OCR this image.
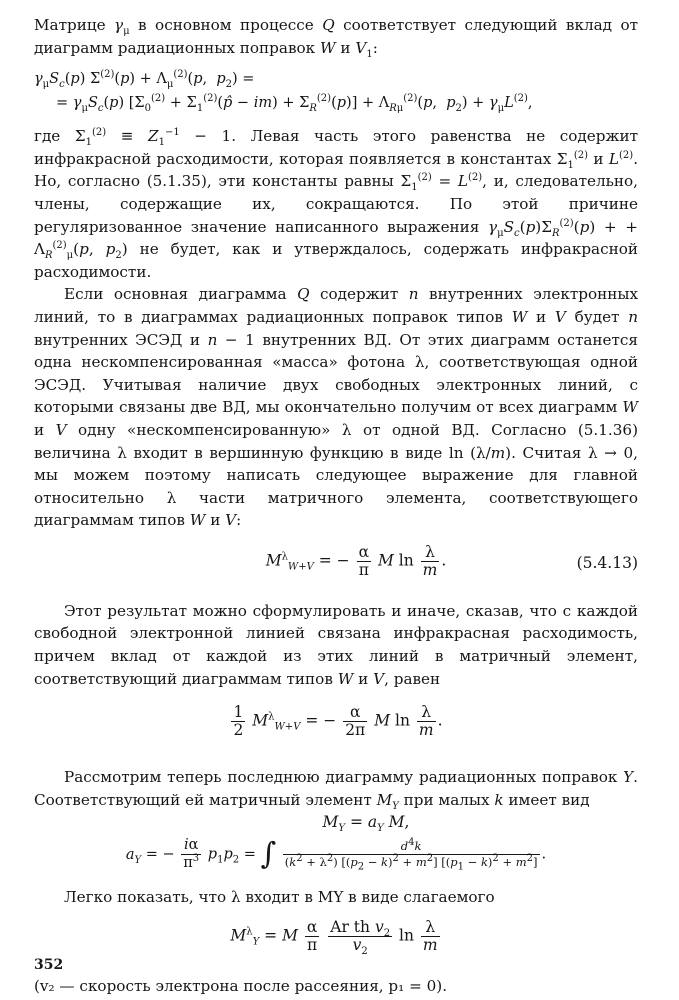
Матрице $\gamma_\mu$ в основном процессе Q соответствует следующий вклад от диаграмм радиационных поправок W и $V_1$:

$\gamma_\mu S_c(p) \Sigma^{(2)}(p) + \Lambda_\mu^{(2)}(p$,  $p_2$) =
= $\gamma_\mu S_c(p) [\Sigma_0^{(2)}$ + $\Sigma_1^{(2)}(p̂ - im) + \Sigma_R^{(2)}(p)] + \Lambda_{R\mu}^{(2)}(p$,  $p_2) + \gamma_\mu L^{(2)}$,

где $\Sigma_1^{(2)} \equiv Z_1^{-1} - 1$. Левая часть этого равенства не содержит инфракрасной расходимости, которая появляется в константах $\Sigma_1^{(2)}$ и $L^{(2)}$. Но, согласно (5.1.35), эти константы равны $\Sigma_1^{(2)} = L^{(2)}$, и, следовательно, члены, содержащие их, сокращаются. По этой причине регуляризованное значение написанного выражения $\gamma_\mu S_c(p)\Sigma_R^{(2)}(p)$ + + $\Lambda_R^{(2)}_\mu(p$, $p_2$) не будет, как и утверждалось, содержать инфракрасной расходимости.

Если основная диаграмма Q содержит n внутренних электронных линий, то в диаграммах радиационных поправок типов W и V будет n внутренних ЭСЭД и n − 1 внутренних ВД. От этих диаграмм останется одна нескомпенсированная «масса» фотона λ, соответствующая одной ЭСЭД. Учитывая наличие двух свободных электронных линий, с которыми связаны две ВД, мы окончательно получим от всех диаграмм W и V одну «нескомпенсированную» λ от одной ВД. Согласно (5.1.36) величина λ входит в вершинную функцию в виде ln (λ/m). Считая λ → 0, мы можем поэтому написать следующее выражение для главной относительно λ части матричного элемента, соответствующего диаграммам типов W и V:

$M^\lambda_{W+V}$ = − $\frac{\alpha}{\pi}$ M $\ln \frac{\lambda}{m}$ .	(5.4.13)

Этот результат можно сформулировать и иначе, сказав, что с каждой свободной электронной линией связана инфракрасная расходимость, причем вклад от каждой из этих линий в матричный элемент, соответствующий диаграммам типов W и V, равен

$\frac{1}{2} M^\lambda_{W+V}$ = − $\frac{\alpha}{2\pi}$ M $\ln \frac{\lambda}{m}$ .

Рассмотрим теперь последнюю диаграмму радиационных поправок Y. Соответствующий ей матричный элемент $M_Y$ при малых k имеет вид

$M_Y = a_Y$ M,
$a_Y$ = − $\frac{i\alpha}{\pi^3} p_1p_2$ = ∫ $\frac{d^4k}{(k^2 + \lambda^2) [(p_2 - k)^2 + m^2] [(p_1 - k)^2 + m^2]}$ .

Легко показать, что λ входит в MY в виде слагаемого

$M^\lambda_Y = M \frac{\alpha}{\pi}$
$\frac{Ar th v_2}{v_2}$ $\ln \frac{\lambda}{m}$

(v₂ — скорость электрона после рассеяния, p₁ = 0).

352
